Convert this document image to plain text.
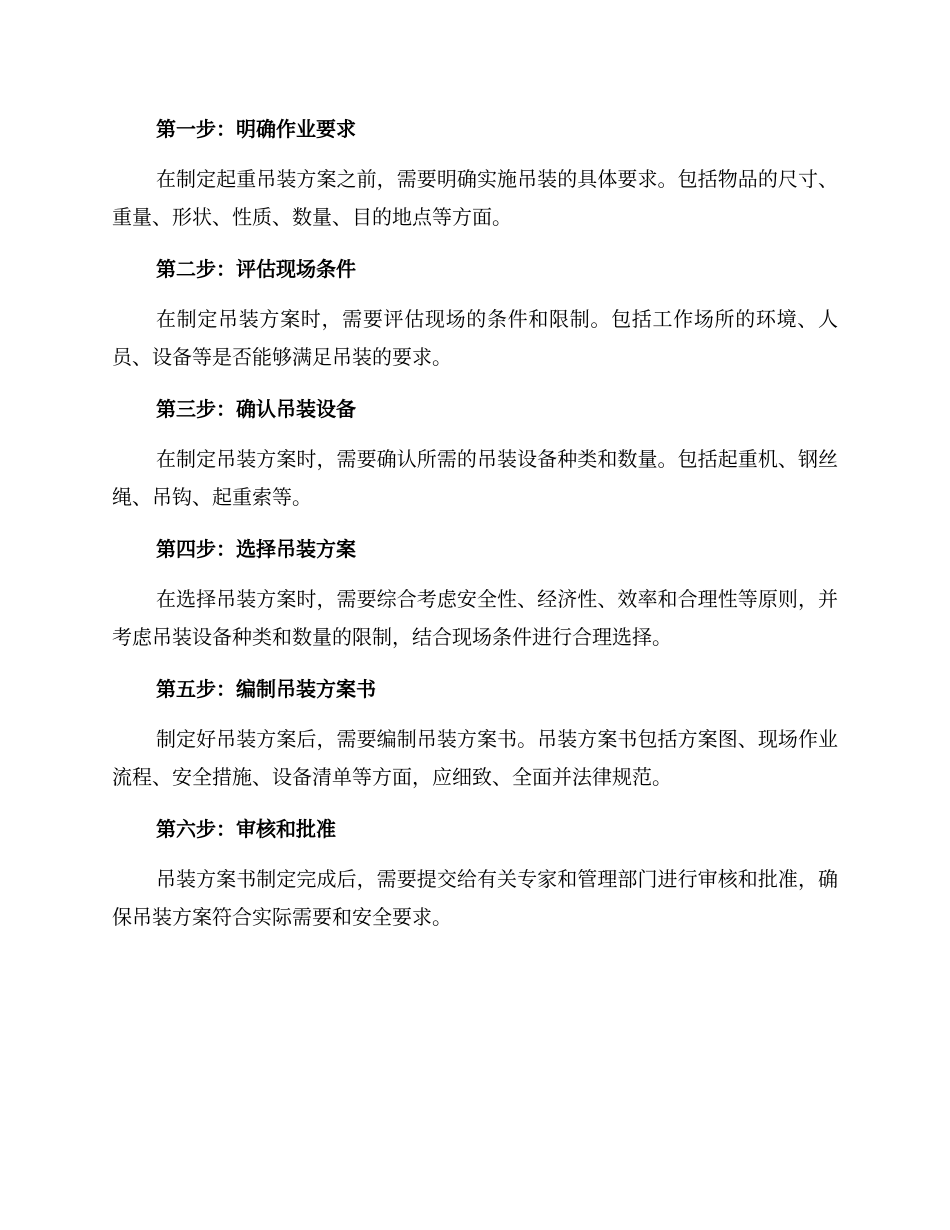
第一步：明确作业要求

在制定起重吊装方案之前，需要明确实施吊装的具体要求。包括物品的尺寸、重量、形状、性质、数量、目的地点等方面。

第二步：评估现场条件

在制定吊装方案时，需要评估现场的条件和限制。包括工作场所的环境、人员、设备等是否能够满足吊装的要求。

第三步：确认吊装设备

在制定吊装方案时，需要确认所需的吊装设备种类和数量。包括起重机、钢丝绳、吊钩、起重索等。

第四步：选择吊装方案

在选择吊装方案时，需要综合考虑安全性、经济性、效率和合理性等原则，并考虑吊装设备种类和数量的限制，结合现场条件进行合理选择。

第五步：编制吊装方案书

制定好吊装方案后，需要编制吊装方案书。吊装方案书包括方案图、现场作业流程、安全措施、设备清单等方面，应细致、全面并法律规范。

第六步：审核和批准

吊装方案书制定完成后，需要提交给有关专家和管理部门进行审核和批准，确保吊装方案符合实际需要和安全要求。
